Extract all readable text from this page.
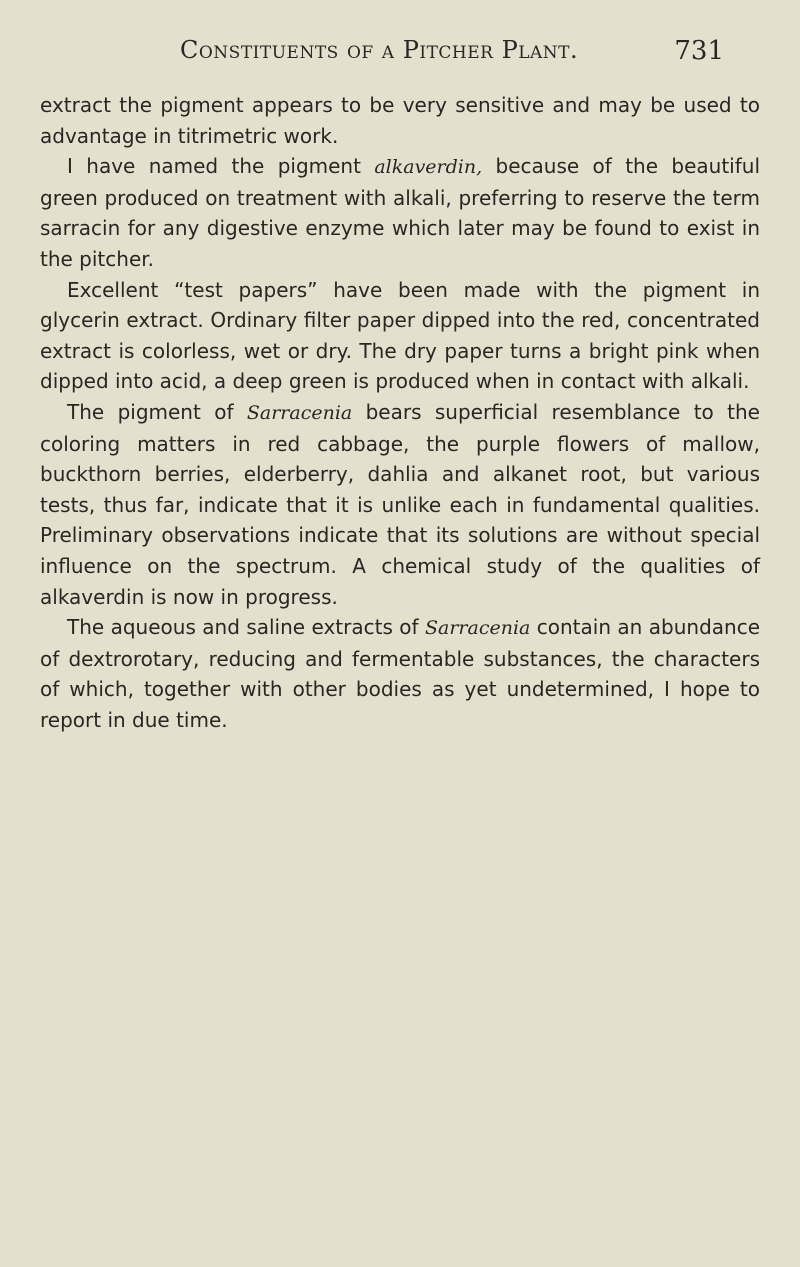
Constituents of a Pitcher Plant.	731

extract the pigment appears to be very sensitive and may be used to advantage in titrimetric work.

I have named the pigment alkaverdin, because of the beautiful green produced on treatment with alkali, preferring to reserve the term sarracin for any digestive enzyme which later may be found to exist in the pitcher.

Excellent “test papers” have been made with the pigment in glycerin extract. Ordinary filter paper dipped into the red, concentrated extract is colorless, wet or dry. The dry paper turns a bright pink when dipped into acid, a deep green is produced when in contact with alkali.

The pigment of Sarracenia bears superficial resemblance to the coloring matters in red cabbage, the purple flowers of mallow, buckthorn berries, elderberry, dahlia and alkanet root, but various tests, thus far, indicate that it is unlike each in fundamental qualities. Preliminary observations indicate that its solutions are without special influence on the spectrum. A chemical study of the qualities of alkaverdin is now in progress.

The aqueous and saline extracts of Sarracenia contain an abundance of dextrorotary, reducing and fermentable substances, the characters of which, together with other bodies as yet undetermined, I hope to report in due time.
